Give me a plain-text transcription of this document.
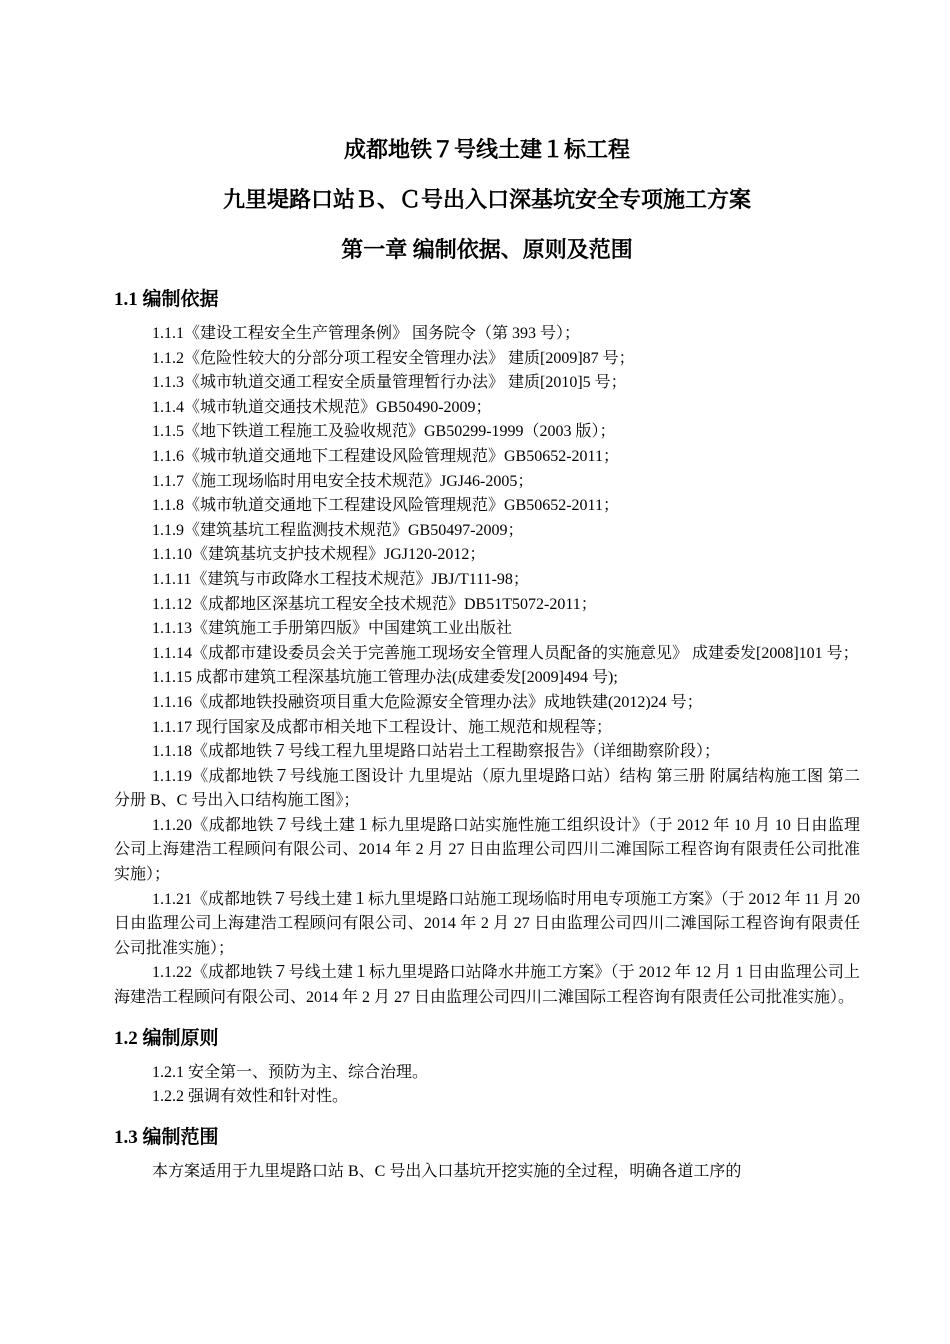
成都地铁７号线土建１标工程
九里堤路口站Ｂ、Ｃ号出入口深基坑安全专项施工方案
第一章 编制依据、原则及范围
1.1 编制依据

1.1.1《建设工程安全生产管理条例》 国务院令（第 393 号）；

1.1.2《危险性较大的分部分项工程安全管理办法》 建质[2009]87 号；

1.1.3《城市轨道交通工程安全质量管理暂行办法》 建质[2010]5 号；

1.1.4《城市轨道交通技术规范》GB50490-2009；

1.1.5《地下铁道工程施工及验收规范》GB50299-1999（2003 版）；

1.1.6《城市轨道交通地下工程建设风险管理规范》GB50652-2011；

1.1.7《施工现场临时用电安全技术规范》JGJ46-2005；

1.1.8《城市轨道交通地下工程建设风险管理规范》GB50652-2011；

1.1.9《建筑基坑工程监测技术规范》GB50497-2009；

1.1.10《建筑基坑支护技术规程》JGJ120-2012；

1.1.11《建筑与市政降水工程技术规范》JBJ/T111-98；

1.1.12《成都地区深基坑工程安全技术规范》DB51T5072-2011；

1.1.13《建筑施工手册第四版》中国建筑工业出版社

1.1.14《成都市建设委员会关于完善施工现场安全管理人员配备的实施意见》 成建委发[2008]101 号；

1.1.15 成都市建筑工程深基坑施工管理办法(成建委发[2009]494 号);

1.1.16《成都地铁投融资项目重大危险源安全管理办法》成地铁建(2012)24 号；

1.1.17 现行国家及成都市相关地下工程设计、施工规范和规程等；

1.1.18《成都地铁７号线工程九里堤路口站岩土工程勘察报告》（详细勘察阶段）；

1.1.19《成都地铁７号线施工图设计 九里堤站（原九里堤路口站）结构 第三册 附属结构施工图 第二分册 B、C 号出入口结构施工图》；

1.1.20《成都地铁７号线土建１标九里堤路口站实施性施工组织设计》（于 2012 年 10 月 10 日由监理公司上海建浩工程顾问有限公司、2014 年 2 月 27 日由监理公司四川二滩国际工程咨询有限责任公司批准实施）；

1.1.21《成都地铁７号线土建１标九里堤路口站施工现场临时用电专项施工方案》（于 2012 年 11 月 20 日由监理公司上海建浩工程顾问有限公司、2014 年 2 月 27 日由监理公司四川二滩国际工程咨询有限责任公司批准实施）；

1.1.22《成都地铁７号线土建１标九里堤路口站降水井施工方案》（于 2012 年 12 月 1 日由监理公司上海建浩工程顾问有限公司、2014 年 2 月 27 日由监理公司四川二滩国际工程咨询有限责任公司批准实施）。

1.2 编制原则

1.2.1 安全第一、预防为主、综合治理。

1.2.2 强调有效性和针对性。

1.3 编制范围

本方案适用于九里堤路口站 B、C 号出入口基坑开挖实施的全过程，明确各道工序的
